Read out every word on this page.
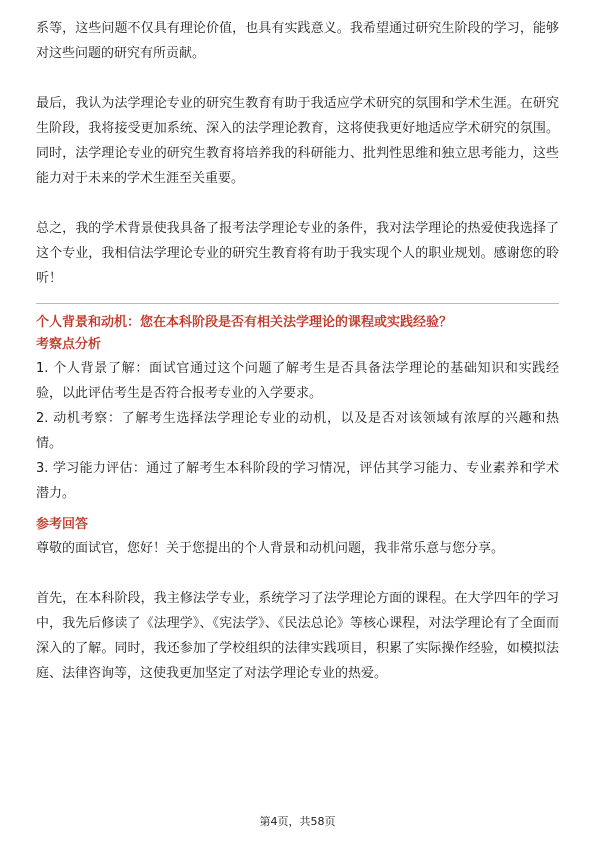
系等，这些问题不仅具有理论价值，也具有实践意义。我希望通过研究生阶段的学习，能够对这些问题的研究有所贡献。

最后，我认为法学理论专业的研究生教育有助于我适应学术研究的氛围和学术生涯。在研究生阶段，我将接受更加系统、深入的法学理论教育，这将使我更好地适应学术研究的氛围。同时，法学理论专业的研究生教育将培养我的科研能力、批判性思维和独立思考能力，这些能力对于未来的学术生涯至关重要。

总之，我的学术背景使我具备了报考法学理论专业的条件，我对法学理论的热爱使我选择了这个专业，我相信法学理论专业的研究生教育将有助于我实现个人的职业规划。感谢您的聆听！

个人背景和动机：您在本科阶段是否有相关法学理论的课程或实践经验？
考察点分析

1. 个人背景了解：面试官通过这个问题了解考生是否具备法学理论的基础知识和实践经验，以此评估考生是否符合报考专业的入学要求。

2. 动机考察：了解考生选择法学理论专业的动机，以及是否对该领域有浓厚的兴趣和热情。

3. 学习能力评估：通过了解考生本科阶段的学习情况，评估其学习能力、专业素养和学术潜力。

参考回答

尊敬的面试官，您好！关于您提出的个人背景和动机问题，我非常乐意与您分享。

首先，在本科阶段，我主修法学专业，系统学习了法学理论方面的课程。在大学四年的学习中，我先后修读了《法理学》、《宪法学》、《民法总论》等核心课程，对法学理论有了全面而深入的了解。同时，我还参加了学校组织的法律实践项目，积累了实际操作经验，如模拟法庭、法律咨询等，这使我更加坚定了对法学理论专业的热爱。

第4页，共58页
